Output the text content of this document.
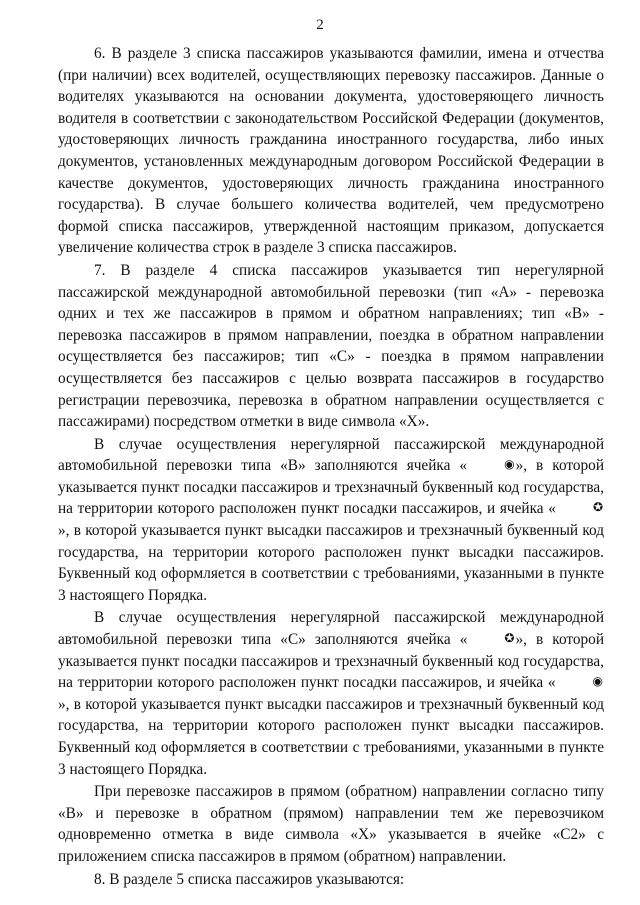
2

6. В разделе 3 списка пассажиров указываются фамилии, имена и отчества (при наличии) всех водителей, осуществляющих перевозку пассажиров. Данные о водителях указываются на основании документа, удостоверяющего личность водителя в соответствии с законодательством Российской Федерации (документов, удостоверяющих личность гражданина иностранного государства, либо иных документов, установленных международным договором Российской Федерации в качестве документов, удостоверяющих личность гражданина иностранного государства). В случае большего количества водителей, чем предусмотрено формой списка пассажиров, утвержденной настоящим приказом, допускается увеличение количества строк в разделе 3 списка пассажиров.

7. В разделе 4 списка пассажиров указывается тип нерегулярной пассажирской международной автомобильной перевозки (тип «А» - перевозка одних и тех же пассажиров в прямом и обратном направлениях; тип «В» - перевозка пассажиров в прямом направлении, поездка в обратном направлении осуществляется без пассажиров; тип «С» - поездка в прямом направлении осуществляется без пассажиров с целью возврата пассажиров в государство регистрации перевозчика, перевозка в обратном направлении осуществляется с пассажирами) посредством отметки в виде символа «Х».

В случае осуществления нерегулярной пассажирской международной автомобильной перевозки типа «В» заполняются ячейка «	◉», в которой указывается пункт посадки пассажиров и трехзначный буквенный код государства, на территории которого расположен пункт посадки пассажиров, и ячейка «	✪», в которой указывается пункт высадки пассажиров и трехзначный буквенный код государства, на территории которого расположен пункт высадки пассажиров. Буквенный код оформляется в соответствии с требованиями, указанными в пункте 3 настоящего Порядка.

В случае осуществления нерегулярной пассажирской международной автомобильной перевозки типа «С» заполняются ячейка «	✪», в которой указывается пункт посадки пассажиров и трехзначный буквенный код государства, на территории которого расположен пункт посадки пассажиров, и ячейка «	◉», в которой указывается пункт высадки пассажиров и трехзначный буквенный код государства, на территории которого расположен пункт высадки пассажиров. Буквенный код оформляется в соответствии с требованиями, указанными в пункте 3 настоящего Порядка.

При перевозке пассажиров в прямом (обратном) направлении согласно типу «В» и перевозке в обратном (прямом) направлении тем же перевозчиком одновременно отметка в виде символа «Х» указывается в ячейке «С2» с приложением списка пассажиров в прямом (обратном) направлении.

8. В разделе 5 списка пассажиров указываются:
